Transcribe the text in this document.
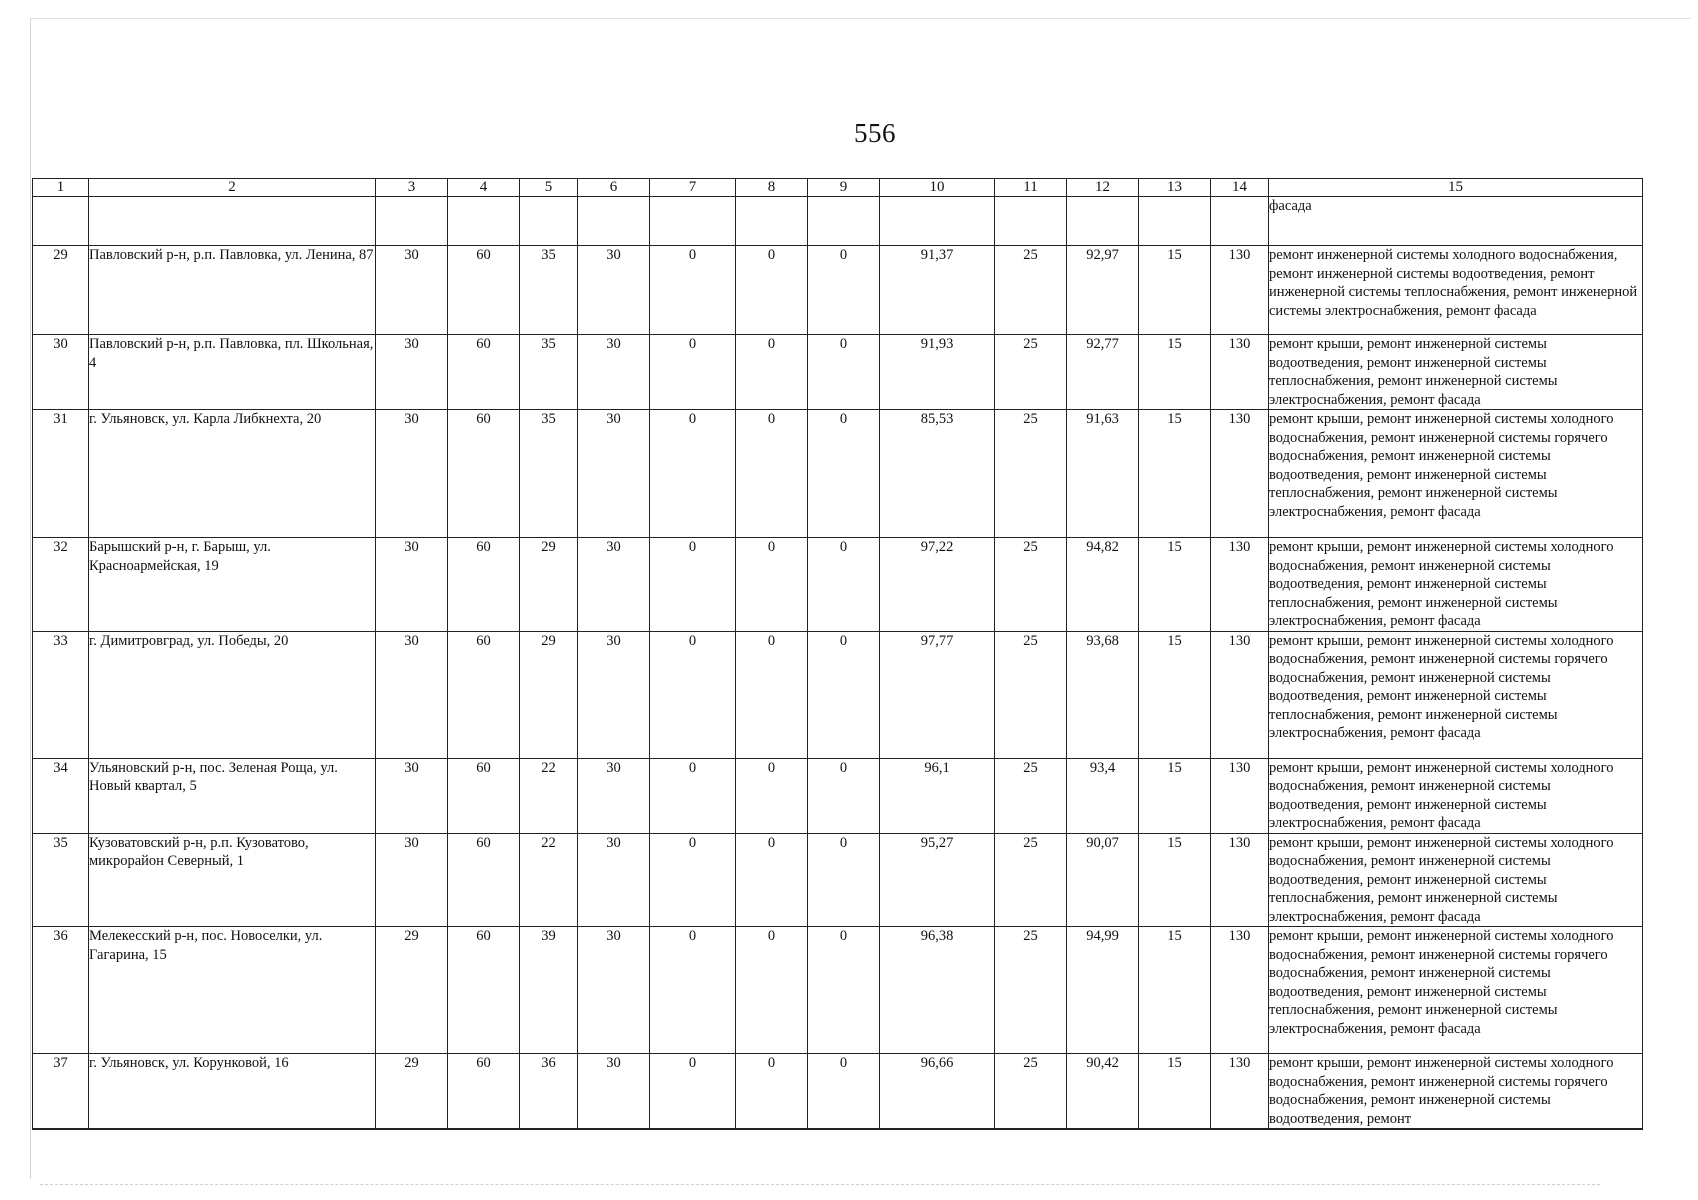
556
1	2	3	4	5	6	7	8	9	10	11	12	13	14	15
														фасада
29	Павловский р-н, р.п. Павловка, ул. Ленина, 87	30	60	35	30	0	0	0	91,37	25	92,97	15	130	ремонт инженерной системы холодного водоснабжения, ремонт инженерной системы водоотведения, ремонт инженерной системы теплоснабжения, ремонт инженерной системы электроснабжения, ремонт фасада
30	Павловский р-н, р.п. Павловка, пл. Школьная, 4	30	60	35	30	0	0	0	91,93	25	92,77	15	130	ремонт крыши, ремонт инженерной системы водоотведения, ремонт инженерной системы теплоснабжения, ремонт инженерной системы электроснабжения, ремонт фасада
31	г. Ульяновск, ул. Карла Либкнехта, 20	30	60	35	30	0	0	0	85,53	25	91,63	15	130	ремонт крыши, ремонт инженерной системы холодного водоснабжения, ремонт инженерной системы горячего водоснабжения, ремонт инженерной системы водоотведения, ремонт инженерной системы теплоснабжения, ремонт инженерной системы электроснабжения, ремонт фасада
32	Барышский р-н, г. Барыш, ул. Красноармейская, 19	30	60	29	30	0	0	0	97,22	25	94,82	15	130	ремонт крыши, ремонт инженерной системы холодного водоснабжения, ремонт инженерной системы водоотведения, ремонт инженерной системы теплоснабжения, ремонт инженерной системы электроснабжения, ремонт фасада
33	г. Димитровград, ул. Победы, 20	30	60	29	30	0	0	0	97,77	25	93,68	15	130	ремонт крыши, ремонт инженерной системы холодного водоснабжения, ремонт инженерной системы горячего водоснабжения, ремонт инженерной системы водоотведения, ремонт инженерной системы теплоснабжения, ремонт инженерной системы электроснабжения, ремонт фасада
34	Ульяновский р-н, пос. Зеленая Роща, ул. Новый квартал, 5	30	60	22	30	0	0	0	96,1	25	93,4	15	130	ремонт крыши, ремонт инженерной системы холодного водоснабжения, ремонт инженерной системы водоотведения, ремонт инженерной системы электроснабжения, ремонт фасада
35	Кузоватовский р-н, р.п. Кузоватово, микрорайон Северный, 1	30	60	22	30	0	0	0	95,27	25	90,07	15	130	ремонт крыши, ремонт инженерной системы холодного водоснабжения, ремонт инженерной системы водоотведения, ремонт инженерной системы теплоснабжения, ремонт инженерной системы электроснабжения, ремонт фасада
36	Мелекесский р-н, пос. Новоселки, ул. Гагарина, 15	29	60	39	30	0	0	0	96,38	25	94,99	15	130	ремонт крыши, ремонт инженерной системы холодного водоснабжения, ремонт инженерной системы горячего водоснабжения, ремонт инженерной системы водоотведения, ремонт инженерной системы теплоснабжения, ремонт инженерной системы электроснабжения, ремонт фасада
37	г. Ульяновск, ул. Корунковой, 16	29	60	36	30	0	0	0	96,66	25	90,42	15	130	ремонт крыши, ремонт инженерной системы холодного водоснабжения, ремонт инженерной системы горячего водоснабжения, ремонт инженерной системы водоотведения, ремонт
